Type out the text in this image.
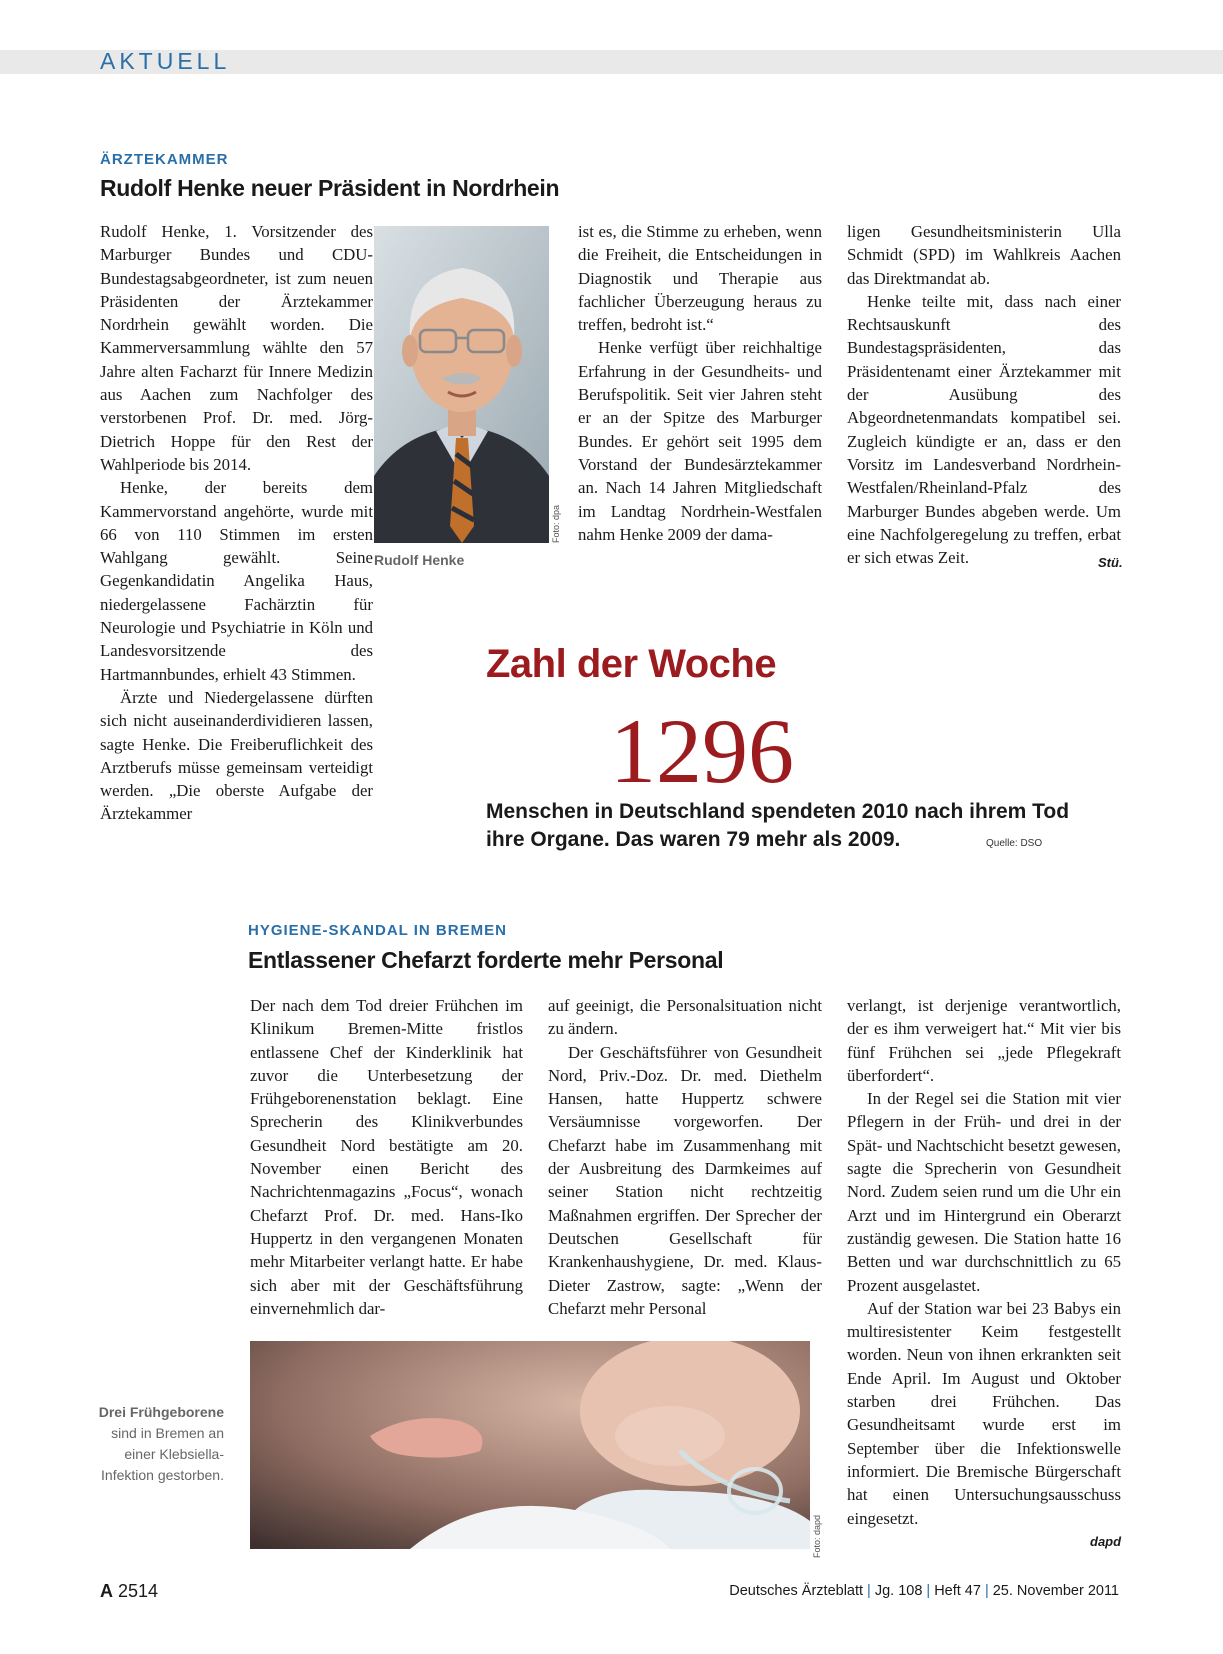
AKTUELL
ÄRZTEKAMMER
Rudolf Henke neuer Präsident in Nordrhein

Rudolf Henke, 1. Vorsitzender des Marburger Bundes und CDU-Bundestagsabgeordneter, ist zum neuen Präsidenten der Ärztekammer Nordrhein gewählt worden. Die Kammerversammlung wählte den 57 Jahre alten Facharzt für Innere Medizin aus Aachen zum Nachfolger des verstorbenen Prof. Dr. med. Jörg-Dietrich Hoppe für den Rest der Wahlperiode bis 2014.

Henke, der bereits dem Kammervorstand angehörte, wurde mit 66 von 110 Stimmen im ersten Wahlgang gewählt. Seine Gegenkandidatin Angelika Haus, niedergelassene Fachärztin für Neurologie und Psychiatrie in Köln und Landesvorsitzende des Hartmannbundes, erhielt 43 Stimmen.

Ärzte und Niedergelassene dürften sich nicht auseinanderdividieren lassen, sagte Henke. Die Freiberuflichkeit des Arztberufs müsse gemeinsam verteidigt werden. „Die oberste Aufgabe der Ärztekammer

Foto: dpa
Rudolf Henke

ist es, die Stimme zu erheben, wenn die Freiheit, die Entscheidungen in Diagnostik und Therapie aus fachlicher Überzeugung heraus zu treffen, bedroht ist.“

Henke verfügt über reichhaltige Erfahrung in der Gesundheits- und Berufspolitik. Seit vier Jahren steht er an der Spitze des Marburger Bundes. Er gehört seit 1995 dem Vorstand der Bundesärztekammer an. Nach 14 Jahren Mitgliedschaft im Landtag Nordrhein-Westfalen nahm Henke 2009 der dama-

ligen Gesundheitsministerin Ulla Schmidt (SPD) im Wahlkreis Aachen das Direktmandat ab.

Henke teilte mit, dass nach einer Rechtsauskunft des Bundestagspräsidenten, das Präsidentenamt einer Ärztekammer mit der Ausübung des Abgeordnetenmandats kompatibel sei. Zugleich kündigte er an, dass er den Vorsitz im Landesverband Nordrhein-Westfalen/Rheinland-Pfalz des Marburger Bundes abgeben werde. Um eine Nachfolgeregelung zu treffen, erbat er sich etwas Zeit.	Stü.
Zahl der Woche
1296
Menschen in Deutschland spendeten 2010 nach ihrem Tod
ihre Organe. Das waren 79 mehr als 2009.	Quelle: DSO
HYGIENE-SKANDAL IN BREMEN
Entlassener Chefarzt forderte mehr Personal

Der nach dem Tod dreier Frühchen im Klinikum Bremen-Mitte fristlos entlassene Chef der Kinderklinik hat zuvor die Unterbesetzung der Frühgeborenenstation beklagt. Eine Sprecherin des Klinikverbundes Gesundheit Nord bestätigte am 20. November einen Bericht des Nachrichtenmagazins „Focus“, wonach Chefarzt Prof. Dr. med. Hans-Iko Huppertz in den vergangenen Monaten mehr Mitarbeiter verlangt hatte. Er habe sich aber mit der Geschäftsführung einvernehmlich dar-

auf geeinigt, die Personalsituation nicht zu ändern.

Der Geschäftsführer von Gesundheit Nord, Priv.-Doz. Dr. med. Diethelm Hansen, hatte Huppertz schwere Versäumnisse vorgeworfen. Der Chefarzt habe im Zusammenhang mit der Ausbreitung des Darmkeimes auf seiner Station nicht rechtzeitig Maßnahmen ergriffen. Der Sprecher der Deutschen Gesellschaft für Krankenhaushygiene, Dr. med. Klaus-Dieter Zastrow, sagte: „Wenn der Chefarzt mehr Personal

verlangt, ist derjenige verantwortlich, der es ihm verweigert hat.“ Mit vier bis fünf Frühchen sei „jede Pflegekraft überfordert“.

In der Regel sei die Station mit vier Pflegern in der Früh- und drei in der Spät- und Nachtschicht besetzt gewesen, sagte die Sprecherin von Gesundheit Nord. Zudem seien rund um die Uhr ein Arzt und im Hintergrund ein Oberarzt zuständig gewesen. Die Station hatte 16 Betten und war durchschnittlich zu 65 Prozent ausgelastet.

Auf der Station war bei 23 Babys ein multiresistenter Keim festgestellt worden. Neun von ihnen erkrankten seit Ende April. Im August und Oktober starben drei Frühchen. Das Gesundheitsamt wurde erst im September über die Infektionswelle informiert. Die Bremische Bürgerschaft hat einen Untersuchungsausschuss eingesetzt.

dapd
Drei Frühgeborene sind in Bremen an einer Klebsiella-Infektion gestorben.
Foto: dapd
A 2514	Deutsches Ärzteblatt | Jg. 108 | Heft 47 | 25. November 2011
